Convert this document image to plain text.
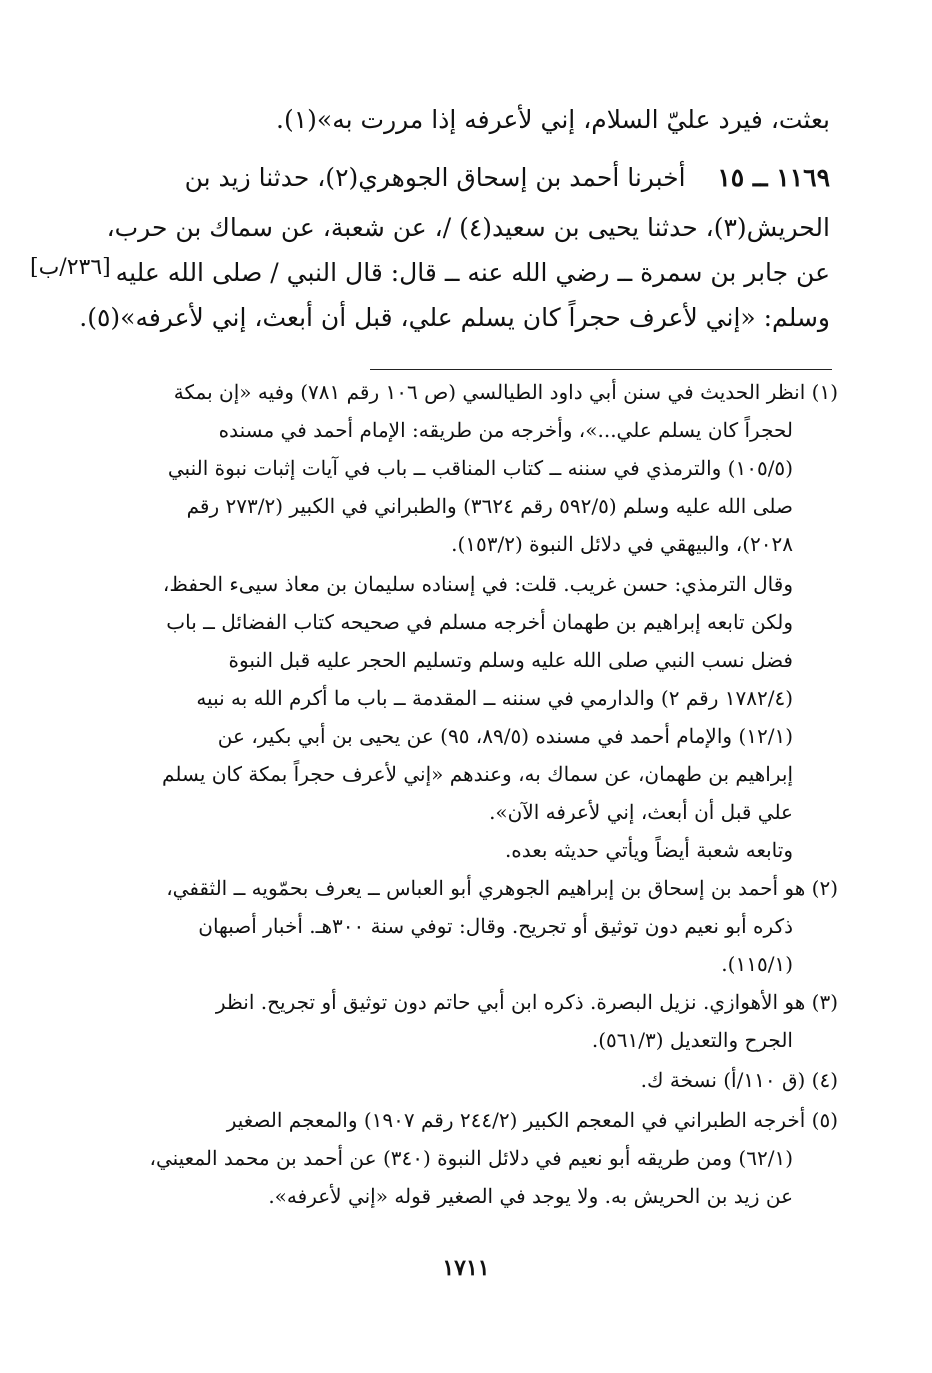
بعثت، فيرد عليّ السلام، إني لأعرفه إذا مررت به»(١).
١١٦٩ ــ ١٥    أخبرنا أحمد بن إسحاق الجوهري(٢)، حدثنا زيد بن
الحريش(٣)، حدثنا يحيى بن سعيد(٤) /، عن شعبة، عن سماك بن حرب،
عن جابر بن سمرة ــ رضي الله عنه ــ قال: قال النبي / صلى الله عليه
وسلم: «إني لأعرف حجراً كان يسلم علي، قبل أن أبعث، إني لأعرفه»(٥).
[٢٣٦/ب]
(١) انظر الحديث في سنن أبي داود الطيالسي (ص ١٠٦ رقم ٧٨١) وفيه «إن بمكة
لحجراً كان يسلم علي...»، وأخرجه من طريقه: الإمام أحمد في مسنده
(١٠٥/٥) والترمذي في سننه ــ كتاب المناقب ــ باب في آيات إثبات نبوة النبي
صلى الله عليه وسلم (٥٩٢/٥ رقم ٣٦٢٤) والطبراني في الكبير (٢٧٣/٢ رقم
٢٠٢٨)، والبيهقي في دلائل النبوة (١٥٣/٢).
وقال الترمذي: حسن غريب. قلت: في إسناده سليمان بن معاذ سيىء الحفظ،
ولكن تابعه إبراهيم بن طهمان أخرجه مسلم في صحيحه كتاب الفضائل ــ باب
فضل نسب النبي صلى الله عليه وسلم وتسليم الحجر عليه قبل النبوة
(١٧٨٢/٤ رقم ٢) والدارمي في سننه ــ المقدمة ــ باب ما أكرم الله به نبيه
(١٢/١) والإمام أحمد في مسنده (٨٩/٥، ٩٥) عن يحيى بن أبي بكير، عن
إبراهيم بن طهمان، عن سماك به، وعندهم «إني لأعرف حجراً بمكة كان يسلم
علي قبل أن أبعث، إني لأعرفه الآن».
وتابعه شعبة أيضاً ويأتي حديثه بعده.
(٢) هو أحمد بن إسحاق بن إبراهيم الجوهري أبو العباس ــ يعرف بحمّويه ــ الثقفي،
ذكره أبو نعيم دون توثيق أو تجريح. وقال: توفي سنة ٣٠٠هـ. أخبار أصبهان
(١١٥/١).
(٣) هو الأهوازي. نزيل البصرة. ذكره ابن أبي حاتم دون توثيق أو تجريح. انظر
الجرح والتعديل (٥٦١/٣).
(٤) (ق ١١٠/أ) نسخة ك.
(٥) أخرجه الطبراني في المعجم الكبير (٢٤٤/٢ رقم ١٩٠٧) والمعجم الصغير
(٦٢/١) ومن طريقه أبو نعيم في دلائل النبوة (٣٤٠) عن أحمد بن محمد المعيني،
عن زيد بن الحريش به. ولا يوجد في الصغير قوله «إني لأعرفه».
١٧١١
